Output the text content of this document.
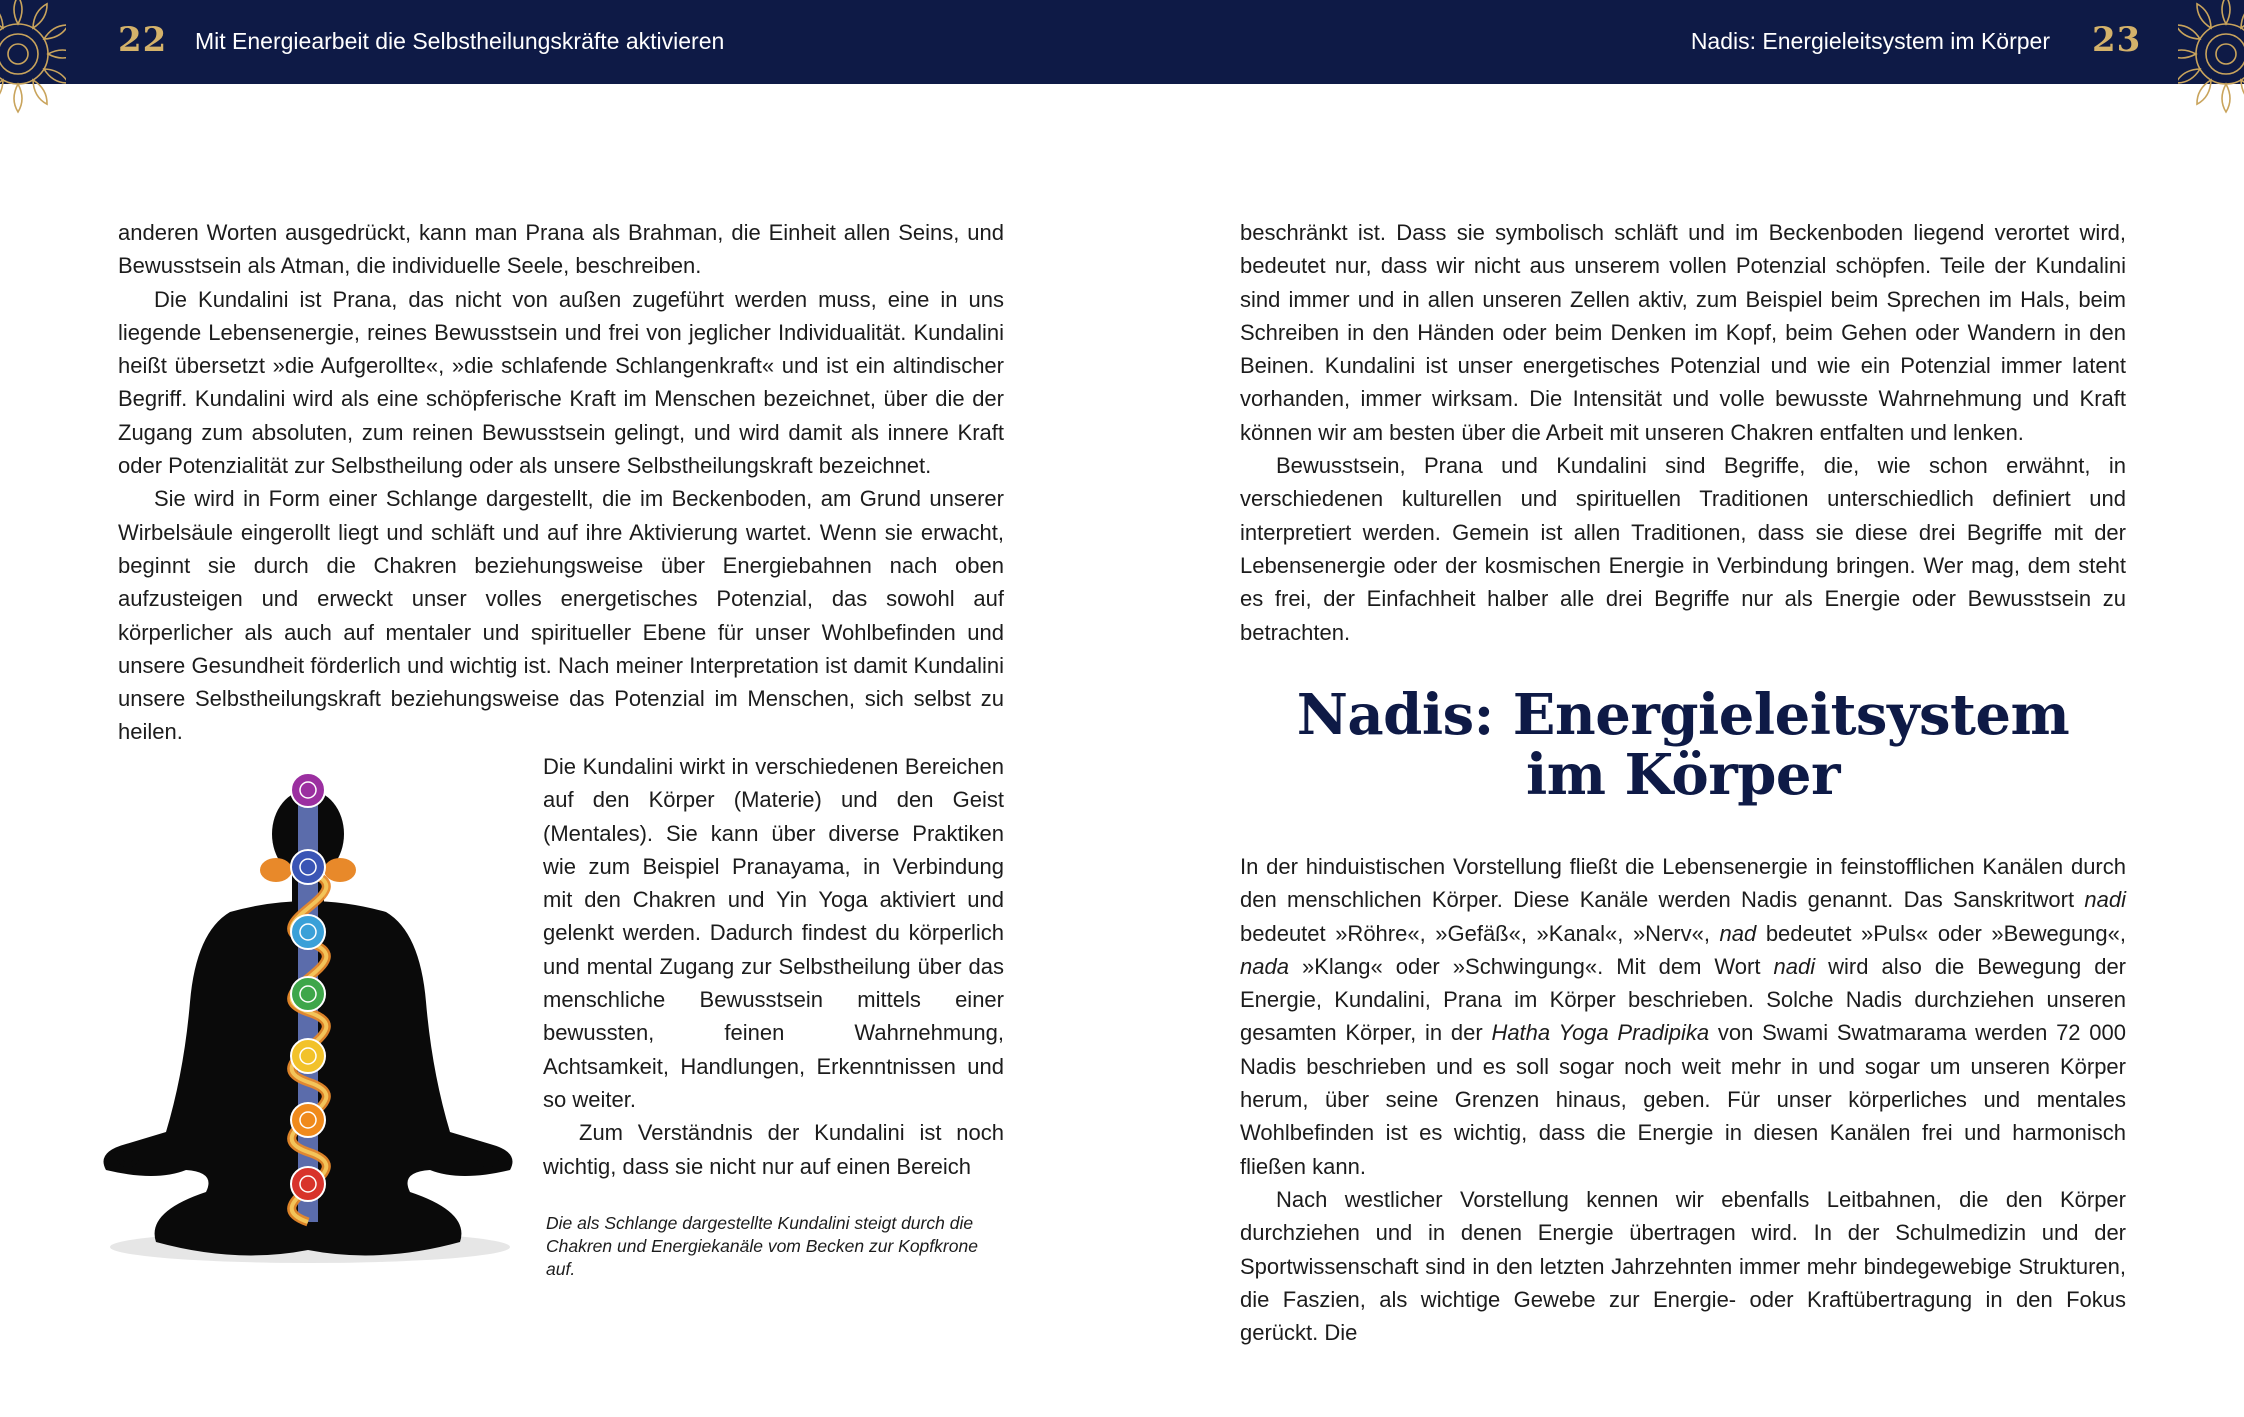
22 Mit Energiearbeit die Selbstheilungskräfte aktivieren	Nadis: Energieleitsystem im Körper 23

anderen Worten ausgedrückt, kann man Prana als Brahman, die Einheit allen Seins, und Bewusstsein als Atman, die individuelle Seele, beschreiben.

Die Kundalini ist Prana, das nicht von außen zugeführt werden muss, eine in uns liegende Lebensenergie, reines Bewusstsein und frei von jeglicher Individualität. Kundalini heißt übersetzt »die Aufgerollte«, »die schlafende Schlangenkraft« und ist ein altindischer Begriff. Kundalini wird als eine schöpferische Kraft im Menschen bezeichnet, über die der Zugang zum absoluten, zum reinen Bewusstsein gelingt, und wird damit als innere Kraft oder Potenzialität zur Selbstheilung oder als unsere Selbstheilungskraft bezeichnet.

Sie wird in Form einer Schlange dargestellt, die im Beckenboden, am Grund unserer Wirbelsäule eingerollt liegt und schläft und auf ihre Aktivierung wartet. Wenn sie erwacht, beginnt sie durch die Chakren beziehungsweise über Energiebahnen nach oben aufzusteigen und erweckt unser volles energetisches Potenzial, das sowohl auf körperlicher als auch auf mentaler und spiritueller Ebene für unser Wohlbefinden und unsere Gesundheit förderlich und wichtig ist. Nach meiner Interpretation ist damit Kundalini unsere Selbstheilungskraft beziehungsweise das Potenzial im Menschen, sich selbst zu heilen.

Die Kundalini wirkt in verschiedenen Bereichen auf den Körper (Materie) und den Geist (Mentales). Sie kann über diverse Praktiken wie zum Beispiel Pranayama, in Verbindung mit den Chakren und Yin Yoga aktiviert und gelenkt werden. Dadurch findest du körperlich und mental Zugang zur Selbstheilung über das menschliche Bewusstsein mittels einer bewussten, feinen Wahrnehmung, Achtsamkeit, Handlungen, Erkenntnissen und so weiter.

Zum Verständnis der Kundalini ist noch wichtig, dass sie nicht nur auf einen Bereich

Die als Schlange dargestellte Kundalini steigt durch die Chakren und Energiekanäle vom Becken zur Kopfkrone auf.

beschränkt ist. Dass sie symbolisch schläft und im Beckenboden liegend verortet wird, bedeutet nur, dass wir nicht aus unserem vollen Potenzial schöpfen. Teile der Kundalini sind immer und in allen unseren Zellen aktiv, zum Beispiel beim Sprechen im Hals, beim Schreiben in den Händen oder beim Denken im Kopf, beim Gehen oder Wandern in den Beinen. Kundalini ist unser energetisches Potenzial und wie ein Potenzial immer latent vorhanden, immer wirksam. Die Intensität und volle bewusste Wahrnehmung und Kraft können wir am besten über die Arbeit mit unseren Chakren entfalten und lenken.

Bewusstsein, Prana und Kundalini sind Begriffe, die, wie schon erwähnt, in verschiedenen kulturellen und spirituellen Traditionen unterschiedlich definiert und interpretiert werden. Gemein ist allen Traditionen, dass sie diese drei Begriffe mit der Lebensenergie oder der kosmischen Energie in Verbindung bringen. Wer mag, dem steht es frei, der Einfachheit halber alle drei Begriffe nur als Energie oder Bewusstsein zu betrachten.

Nadis: Energieleitsystem
im Körper

In der hinduistischen Vorstellung fließt die Lebensenergie in feinstofflichen Kanälen durch den menschlichen Körper. Diese Kanäle werden Nadis genannt. Das Sanskritwort nadi bedeutet »Röhre«, »Gefäß«, »Kanal«, »Nerv«, nad bedeutet »Puls« oder »Bewegung«, nada »Klang« oder »Schwingung«. Mit dem Wort nadi wird also die Bewegung der Energie, Kundalini, Prana im Körper beschrieben. Solche Nadis durchziehen unseren gesamten Körper, in der Hatha Yoga Pradipika von Swami Swatmarama werden 72 000 Nadis beschrieben und es soll sogar noch weit mehr in und sogar um unseren Körper herum, über seine Grenzen hinaus, geben. Für unser körperliches und mentales Wohlbefinden ist es wichtig, dass die Energie in diesen Kanälen frei und harmonisch fließen kann.

Nach westlicher Vorstellung kennen wir ebenfalls Leitbahnen, die den Körper durchziehen und in denen Energie übertragen wird. In der Schulmedizin und der Sportwissenschaft sind in den letzten Jahrzehnten immer mehr bindegewebige Strukturen, die Faszien, als wichtige Gewebe zur Energie- oder Kraftübertragung in den Fokus gerückt. Die
